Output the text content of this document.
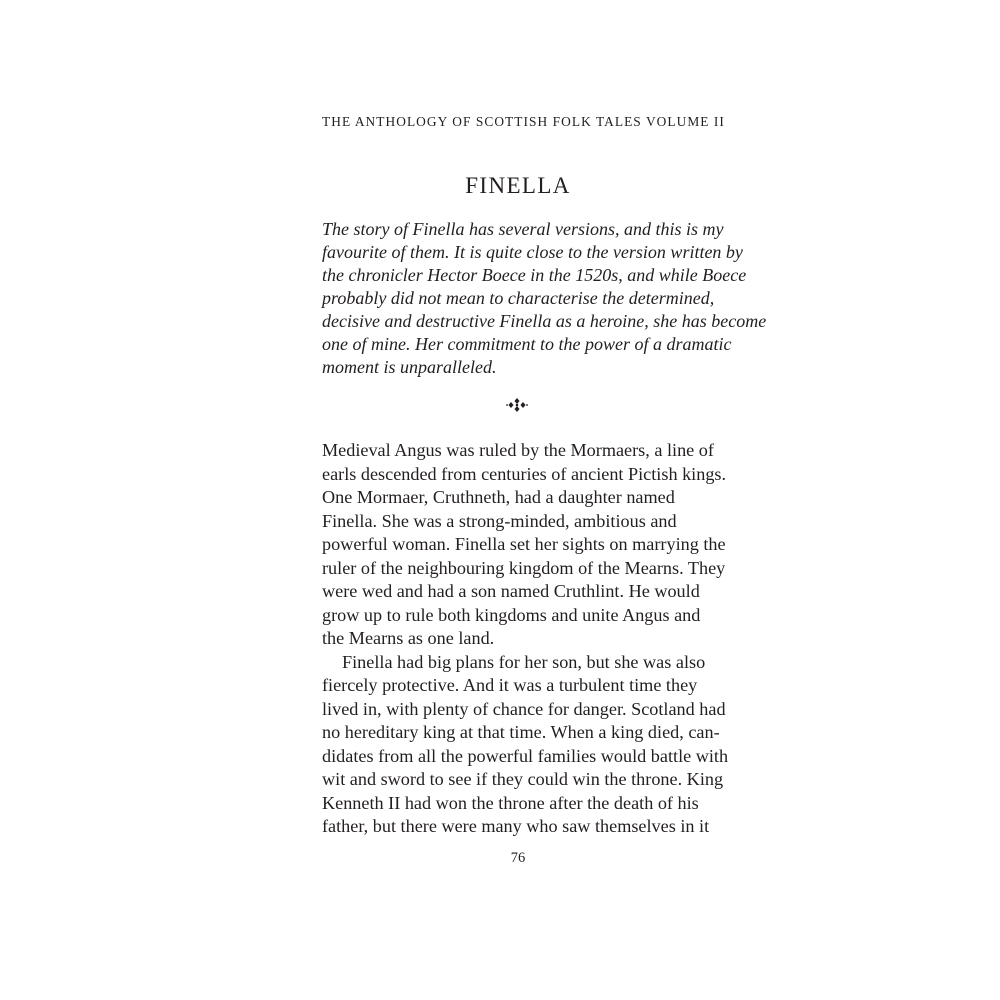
THE ANTHOLOGY OF SCOTTISH FOLK TALES VOLUME II
FINELLA
The story of Finella has several versions, and this is my
favourite of them. It is quite close to the version written by
the chronicler Hector Boece in the 1520s, and while Boece
probably did not mean to characterise the determined,
decisive and destructive Finella as a heroine, she has become
one of mine. Her commitment to the power of a dramatic
moment is unparalleled.
Medieval Angus was ruled by the Mormaers, a line of
earls descended from centuries of ancient Pictish kings.
One Mormaer, Cruthneth, had a daughter named
Finella. She was a strong-minded, ambitious and
powerful woman. Finella set her sights on marrying the
ruler of the neighbouring kingdom of the Mearns. They
were wed and had a son named Cruthlint. He would
grow up to rule both kingdoms and unite Angus and
the Mearns as one land.
Finella had big plans for her son, but she was also
fiercely protective. And it was a turbulent time they
lived in, with plenty of chance for danger. Scotland had
no hereditary king at that time. When a king died, can-
didates from all the powerful families would battle with
wit and sword to see if they could win the throne. King
Kenneth II had won the throne after the death of his
father, but there were many who saw themselves in it
76
